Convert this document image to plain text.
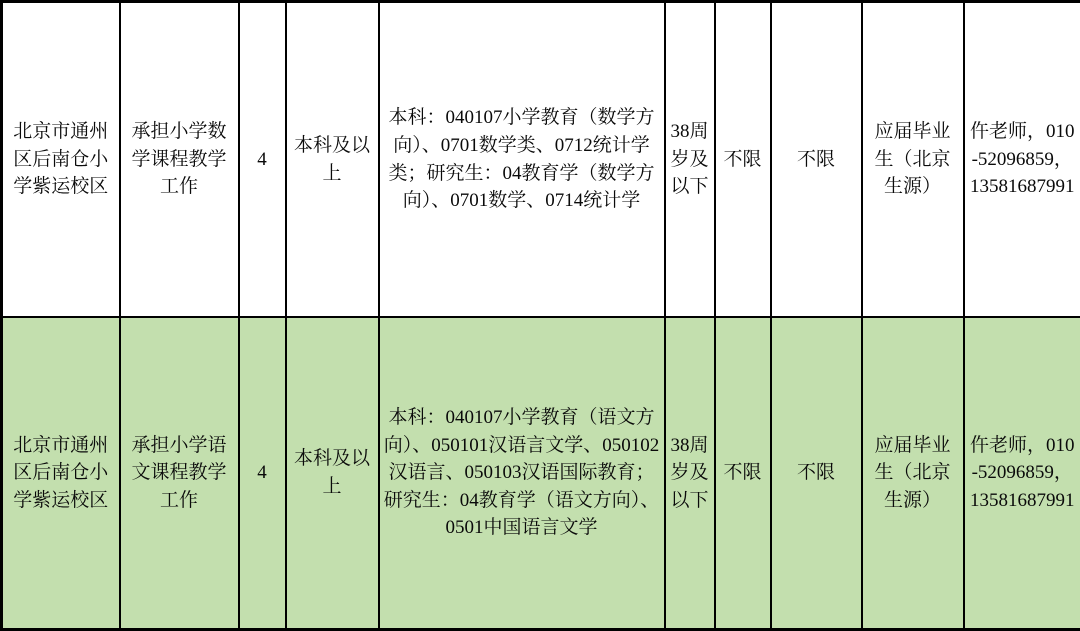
北京市通州区后南仓小学紫运校区	承担小学数学课程教学工作	4	本科及以上	本科：040107小学教育（数学方向）、0701数学类、0712统计学类；研究生：04教育学（数学方向）、0701数学、0714统计学	38周岁及以下	不限	不限	应届毕业生（北京生源）	仵老师，010-52096859，13581687991
北京市通州区后南仓小学紫运校区	承担小学语文课程教学工作	4	本科及以上	本科：040107小学教育（语文方向）、050101汉语言文学、050102汉语言、050103汉语国际教育；研究生：04教育学（语文方向）、0501中国语言文学	38周岁及以下	不限	不限	应届毕业生（北京生源）	仵老师，010-52096859，13581687991
